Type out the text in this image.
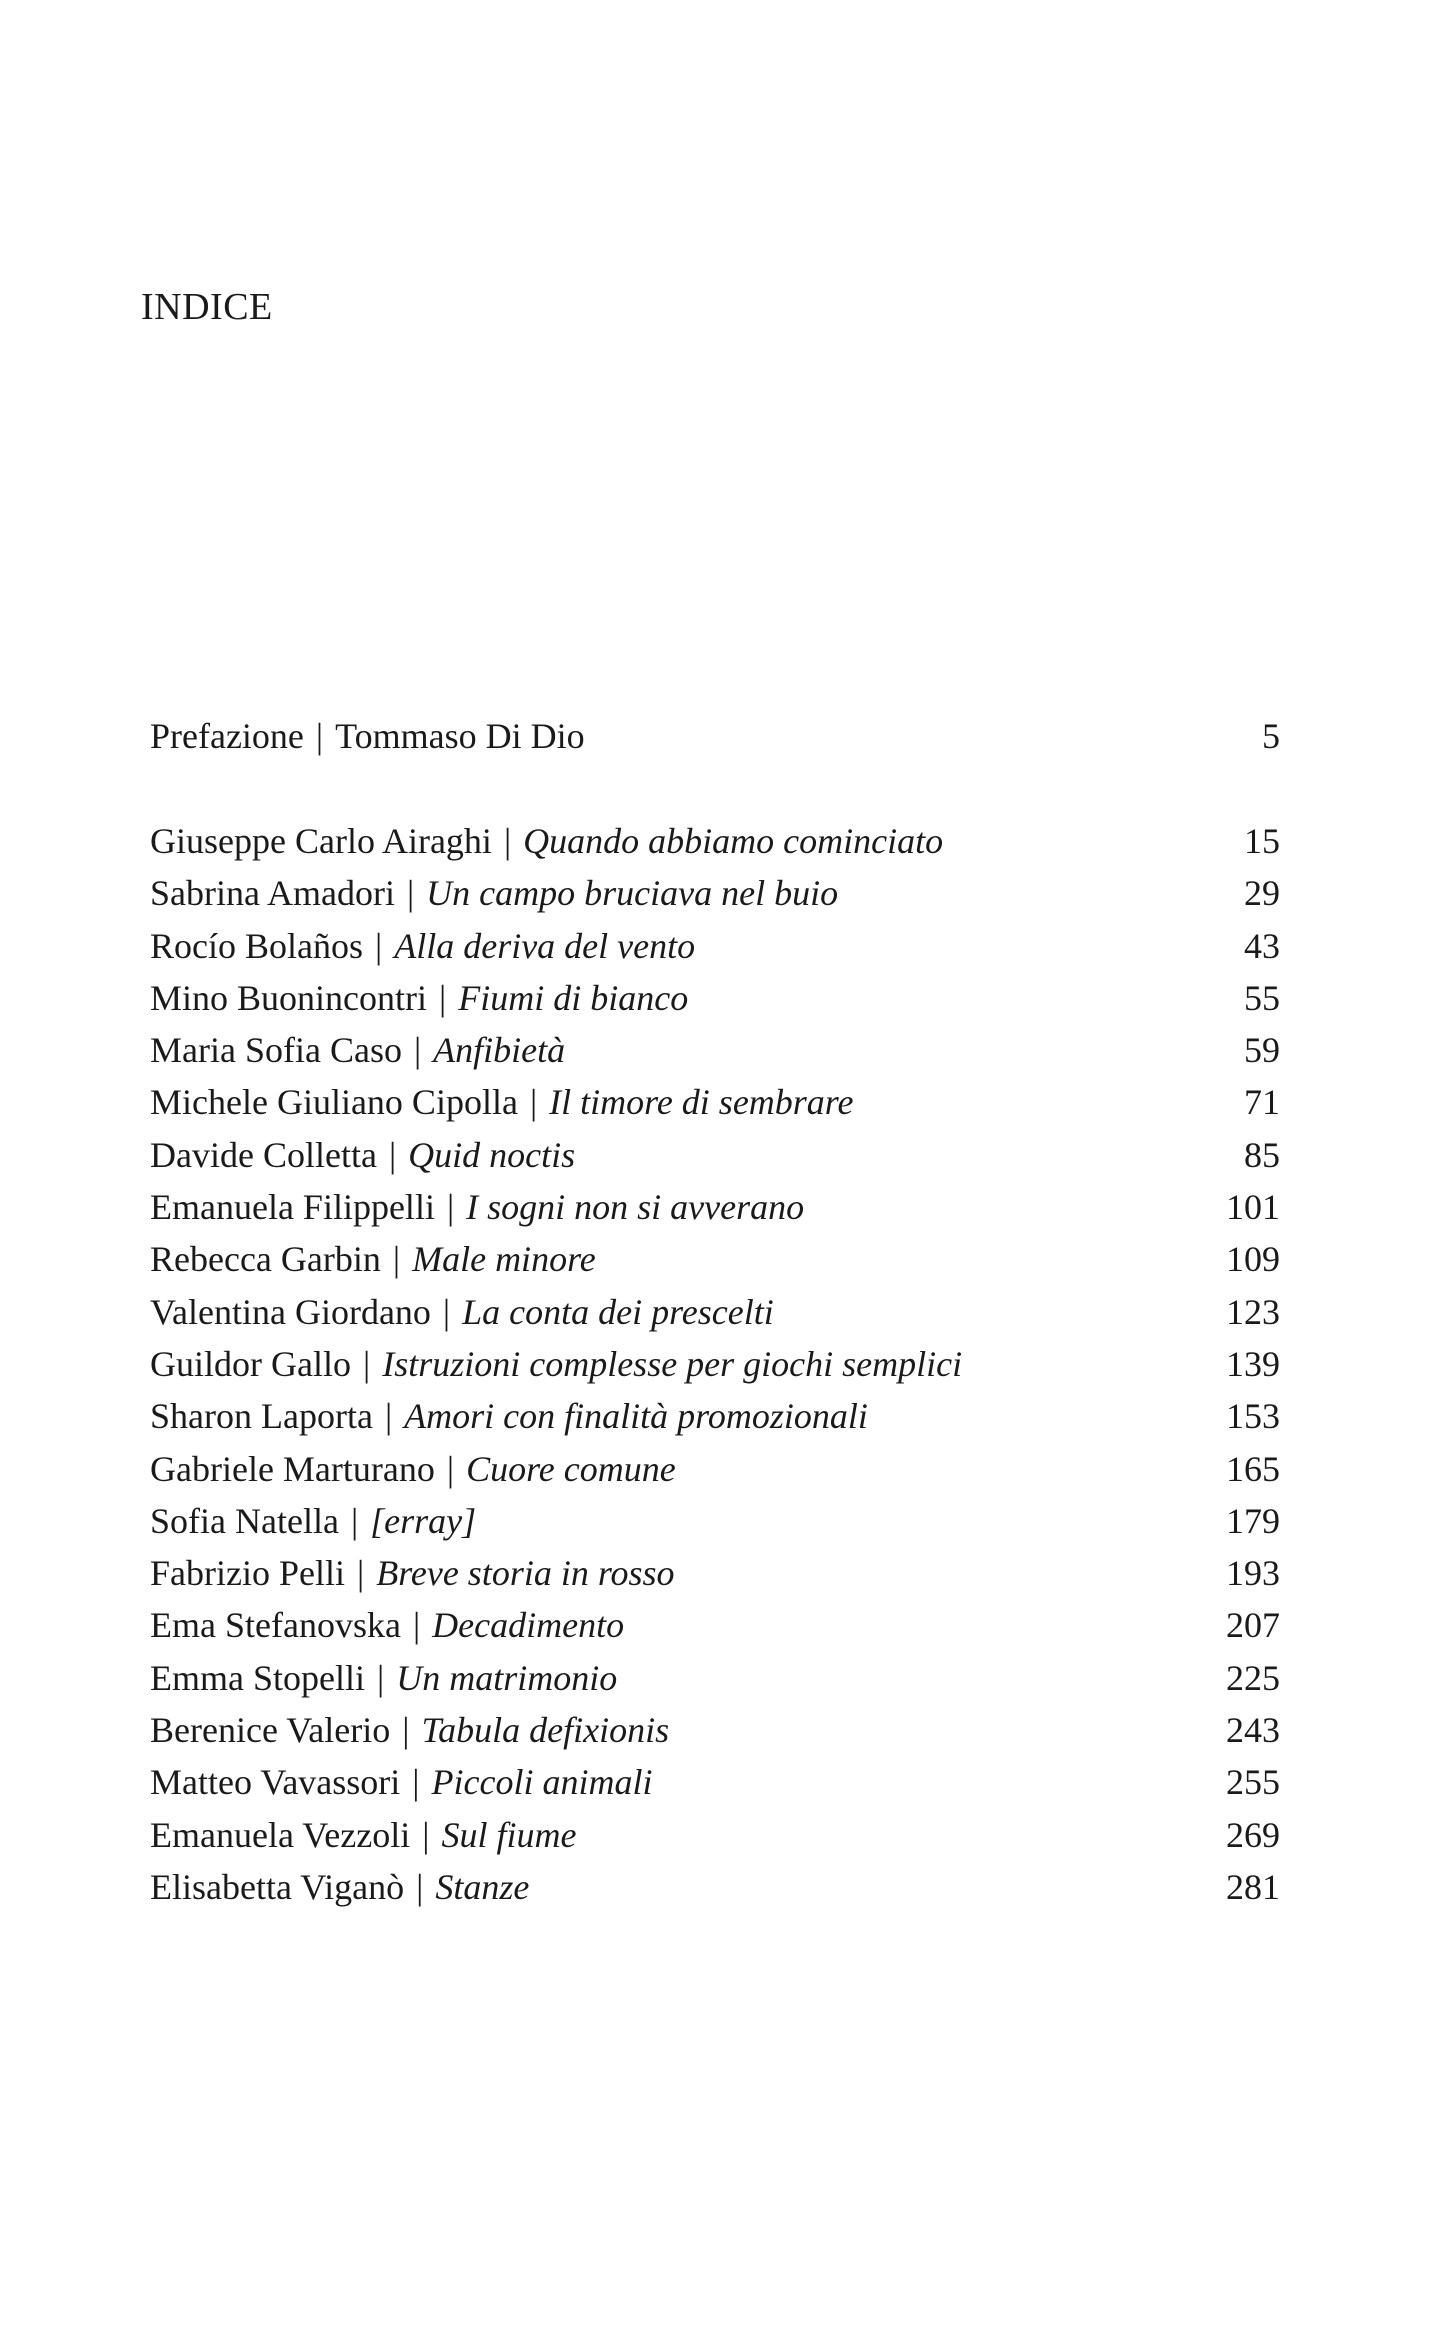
INDICE
Prefazione | Tommaso Di Dio	5
Giuseppe Carlo Airaghi | Quando abbiamo cominciato	15
Sabrina Amadori | Un campo bruciava nel buio	29
Rocío Bolaños | Alla deriva del vento	43
Mino Buonincontri | Fiumi di bianco	55
Maria Sofia Caso | Anfibietà	59
Michele Giuliano Cipolla | Il timore di sembrare	71
Davide Colletta | Quid noctis	85
Emanuela Filippelli | I sogni non si avverano	101
Rebecca Garbin | Male minore	109
Valentina Giordano | La conta dei prescelti	123
Guildor Gallo | Istruzioni complesse per giochi semplici	139
Sharon Laporta | Amori con finalità promozionali	153
Gabriele Marturano | Cuore comune	165
Sofia Natella | [erray]	179
Fabrizio Pelli | Breve storia in rosso	193
Ema Stefanovska | Decadimento	207
Emma Stopelli | Un matrimonio	225
Berenice Valerio | Tabula defixionis	243
Matteo Vavassori | Piccoli animali	255
Emanuela Vezzoli | Sul fiume	269
Elisabetta Viganò | Stanze	281
